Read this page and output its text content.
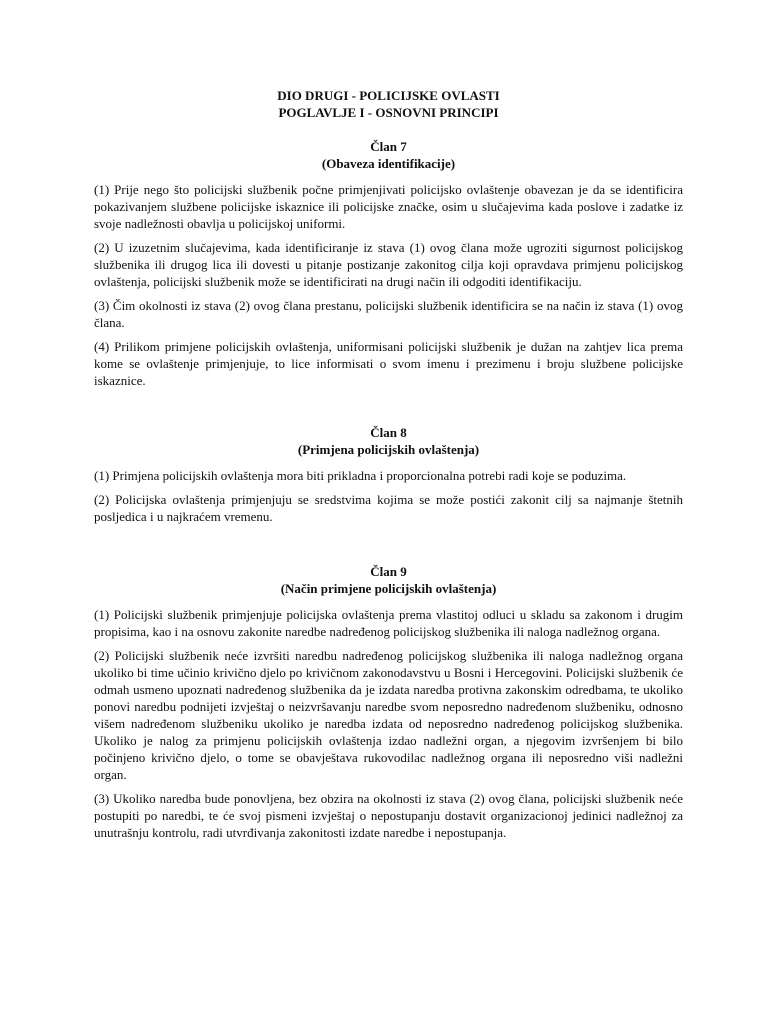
DIO DRUGI - POLICIJSKE OVLASTI

POGLAVLJE I - OSNOVNI PRINCIPI

Član 7

(Obaveza identifikacije)

(1) Prije nego što policijski službenik počne primjenjivati policijsko ovlaštenje obavezan je da se identificira pokazivanjem službene policijske iskaznice ili policijske značke, osim u slučajevima kada poslove i zadatke iz svoje nadležnosti obavlja u policijskoj uniformi.

(2) U izuzetnim slučajevima, kada identificiranje iz stava (1) ovog člana može ugroziti sigurnost policijskog službenika ili drugog lica ili dovesti u pitanje postizanje zakonitog cilja koji opravdava primjenu policijskog ovlaštenja, policijski službenik može se identificirati na drugi način ili odgoditi identifikaciju.

(3) Čim okolnosti iz stava (2) ovog člana prestanu, policijski službenik identificira se na način iz stava (1) ovog člana.

(4) Prilikom primjene policijskih ovlaštenja, uniformisani policijski službenik je dužan na zahtjev lica prema kome se ovlaštenje primjenjuje, to lice informisati o svom imenu i prezimenu i broju službene policijske iskaznice.

Član 8

(Primjena policijskih ovlaštenja)

(1) Primjena policijskih ovlaštenja mora biti prikladna i proporcionalna potrebi radi koje se poduzima.

(2) Policijska ovlaštenja primjenjuju se sredstvima kojima se može postići zakonit cilj sa najmanje štetnih posljedica i u najkraćem vremenu.

Član 9

(Način primjene policijskih ovlaštenja)

(1) Policijski službenik primjenjuje policijska ovlaštenja prema vlastitoj odluci u skladu sa zakonom i drugim propisima, kao i na osnovu zakonite naredbe nadređenog policijskog službenika ili naloga nadležnog organa.

(2) Policijski službenik neće izvršiti naredbu nadređenog policijskog službenika ili naloga nadležnog organa ukoliko bi time učinio krivično djelo po krivičnom zakonodavstvu u Bosni i Hercegovini. Policijski službenik će odmah usmeno upoznati nadređenog službenika da je izdata naredba protivna zakonskim odredbama, te ukoliko ponovi naredbu podnijeti izvještaj o neizvršavanju naredbe svom neposredno nadređenom službeniku, odnosno višem nadređenom službeniku ukoliko je naredba izdata od neposredno nadređenog policijskog službenika. Ukoliko je nalog za primjenu policijskih ovlaštenja izdao nadležni organ, a njegovim izvršenjem bi bilo počinjeno krivično djelo, o tome se obavještava rukovodilac nadležnog organa ili neposredno viši nadležni organ.

(3) Ukoliko naredba bude ponovljena, bez obzira na okolnosti iz stava (2) ovog člana, policijski službenik neće postupiti po naredbi, te će svoj pismeni izvještaj o nepostupanju dostavit organizacionoj jedinici nadležnoj za unutrašnju kontrolu, radi utvrđivanja zakonitosti izdate naredbe i nepostupanja.
